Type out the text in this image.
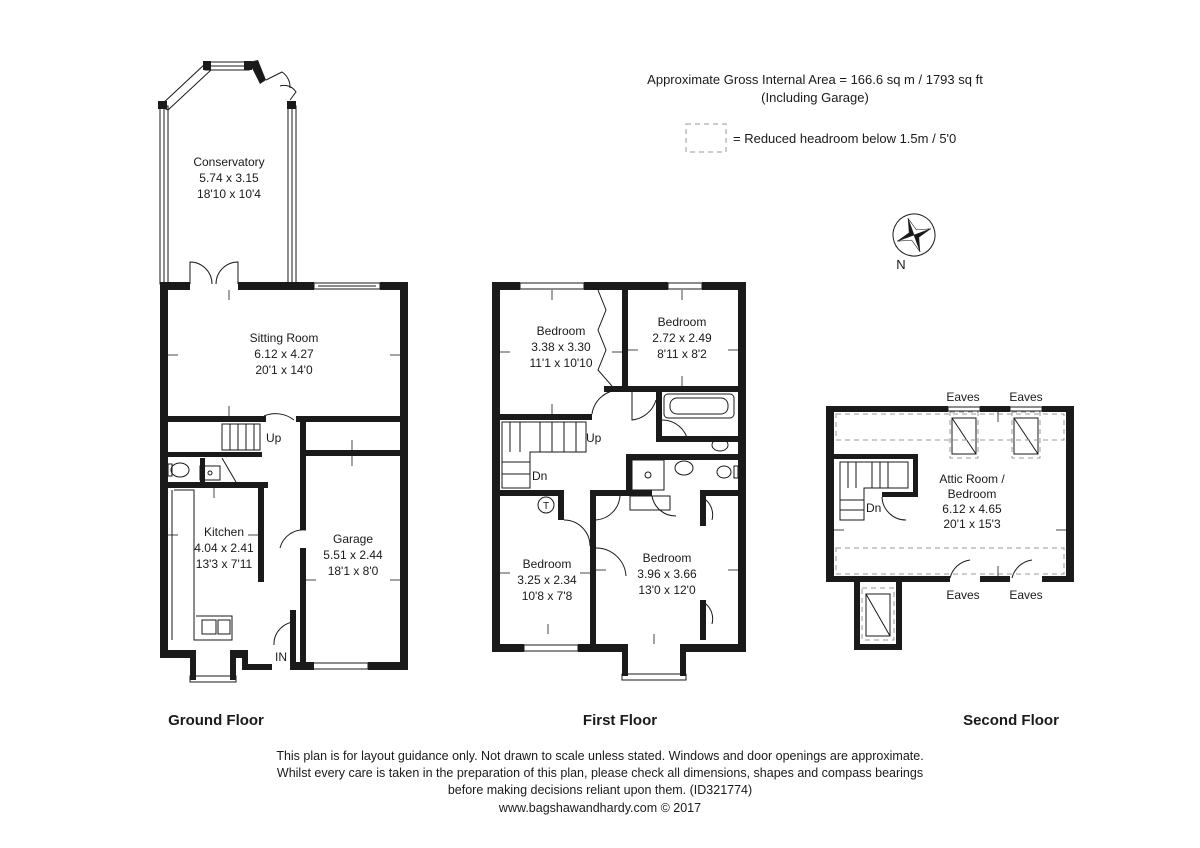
Approximate Gross Internal Area = 166.6 sq m / 1793 sq ft
(Including Garage)
= Reduced headroom below 1.5m / 5'0
N
Up
Conservatory
5.74 x 3.15
18'10 x 10'4
Sitting Room
6.12 x 4.27
20'1 x 14'0
Kitchen
4.04 x 2.41
13'3 x 7'11
Garage
5.51 x 2.44
18'1 x 8'0
IN
Ground Floor
Up
Dn
T
Bedroom
3.38 x 3.30
11'1 x 10'10
Bedroom
2.72 x 2.49
8'11 x 8'2
Bedroom
3.25 x 2.34
10'8 x 7'8
Bedroom
3.96 x 3.66
13'0 x 12'0
First Floor
Dn
Eaves Eaves
Eaves Eaves
Attic Room /
Bedroom
6.12 x 4.65
20'1 x 15'3
Second Floor
This plan is for layout guidance only. Not drawn to scale unless stated. Windows and door openings are approximate.
Whilst every care is taken in the preparation of this plan, please check all dimensions, shapes and compass bearings
before making decisions reliant upon them. (ID321774)
www.bagshawandhardy.com © 2017
